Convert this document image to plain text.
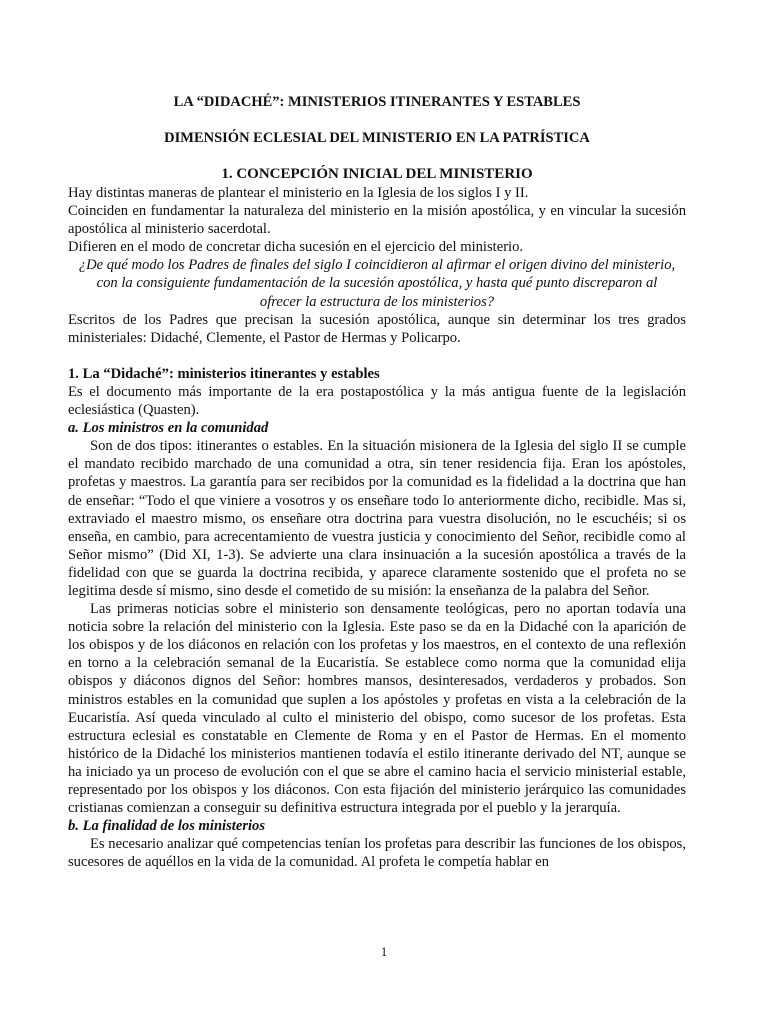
LA “DIDACHÉ”: MINISTERIOS ITINERANTES Y ESTABLES
DIMENSIÓN ECLESIAL DEL MINISTERIO EN LA PATRÍSTICA
1. CONCEPCIÓN INICIAL DEL MINISTERIO

Hay distintas maneras de plantear el ministerio en la Iglesia de los siglos I y II.

Coinciden en fundamentar la naturaleza del ministerio en la misión apostólica, y en vincular la sucesión apostólica al ministerio sacerdotal.

Difieren en el modo de concretar dicha sucesión en el ejercicio del ministerio.

¿De qué modo los Padres de finales del siglo I coincidieron al afirmar el origen divino del ministerio, con la consiguiente fundamentación de la sucesión apostólica, y hasta qué punto discreparon al ofrecer la estructura de los ministerios?

Escritos de los Padres que precisan la sucesión apostólica, aunque sin determinar los tres grados ministeriales: Didaché, Clemente, el Pastor de Hermas y Policarpo.

1. La “Didaché”: ministerios itinerantes y estables

Es el documento más importante de la era postapostólica y la más antigua fuente de la legislación eclesiástica (Quasten).

a. Los ministros en la comunidad

Son de dos tipos: itinerantes o estables. En la situación misionera de la Iglesia del siglo II se cumple el mandato recibido marchado de una comunidad a otra, sin tener residencia fija. Eran los apóstoles, profetas y maestros. La garantía para ser recibidos por la comunidad es la fidelidad a la doctrina que han de enseñar: “Todo el que viniere a vosotros y os enseñare todo lo anteriormente dicho, recibidle. Mas si, extraviado el maestro mismo, os enseñare otra doctrina para vuestra disolución, no le escuchéis; si os enseña, en cambio, para acrecentamiento de vuestra justicia y conocimiento del Señor, recibidle como al Señor mismo” (Did XI, 1-3). Se advierte una clara insinuación a la sucesión apostólica a través de la fidelidad con que se guarda la doctrina recibida, y aparece claramente sostenido que el profeta no se legitima desde sí mismo, sino desde el cometido de su misión: la enseñanza de la palabra del Señor.

Las primeras noticias sobre el ministerio son densamente teológicas, pero no aportan todavía una noticia sobre la relación del ministerio con la Iglesia. Este paso se da en la Didaché con la aparición de los obispos y de los diáconos en relación con los profetas y los maestros, en el contexto de una reflexión en torno a la celebración semanal de la Eucaristía. Se establece como norma que la comunidad elija obispos y diáconos dignos del Señor: hombres mansos, desinteresados, verdaderos y probados. Son ministros estables en la comunidad que suplen a los apóstoles y profetas en vista a la celebración de la Eucaristía. Así queda vinculado al culto el ministerio del obispo, como sucesor de los profetas. Esta estructura eclesial es constatable en Clemente de Roma y en el Pastor de Hermas. En el momento histórico de la Didaché los ministerios mantienen todavía el estilo itinerante derivado del NT, aunque se ha iniciado ya un proceso de evolución con el que se abre el camino hacia el servicio ministerial estable, representado por los obispos y los diáconos. Con esta fijación del ministerio jerárquico las comunidades cristianas comienzan a conseguir su definitiva estructura integrada por el pueblo y la jerarquía.

b. La finalidad de los ministerios

Es necesario analizar qué competencias tenían los profetas para describir las funciones de los obispos, sucesores de aquéllos en la vida de la comunidad. Al profeta le competía hablar en

1
